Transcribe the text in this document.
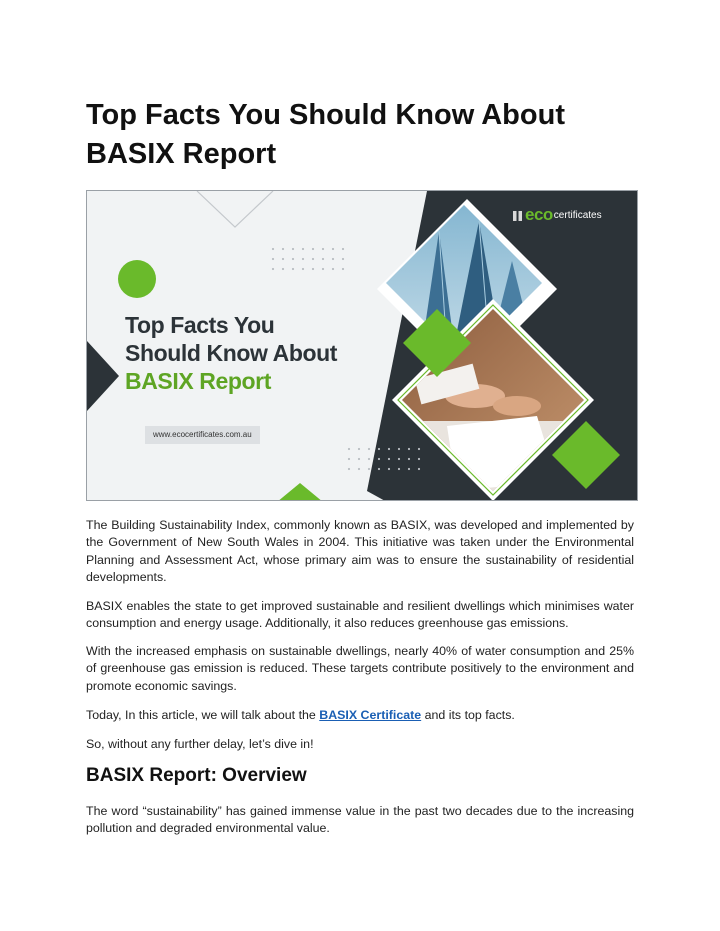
Top Facts You Should Know About BASIX Report
eco certificates
Top Facts You
Should Know About
BASIX Report
www.ecocertificates.com.au

The Building Sustainability Index, commonly known as BASIX, was developed and implemented by the Government of New South Wales in 2004. This initiative was taken under the Environmental Planning and Assessment Act, whose primary aim was to ensure the sustainability of residential developments.

BASIX enables the state to get improved sustainable and resilient dwellings which minimises water consumption and energy usage. Additionally, it also reduces greenhouse gas emissions.

With the increased emphasis on sustainable dwellings, nearly 40% of water consumption and 25% of greenhouse gas emission is reduced. These targets contribute positively to the environment and promote economic savings.

Today, In this article, we will talk about the BASIX Certificate and its top facts.

So, without any further delay, let’s dive in!

BASIX Report: Overview

The word “sustainability” has gained immense value in the past two decades due to the increasing pollution and degraded environmental value.
